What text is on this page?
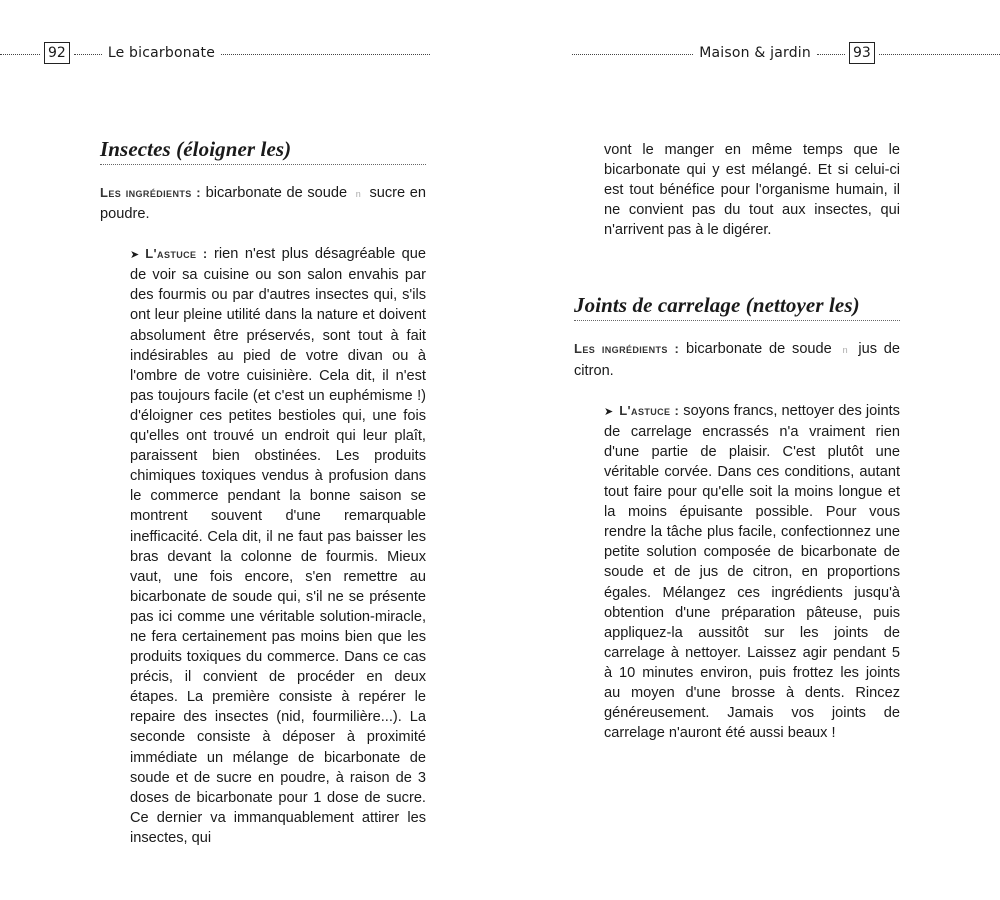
92	Le bicarbonate	Maison & jardin	93
Insectes (éloigner les)

Les ingrédients : bicarbonate de soude n sucre en poudre.

➤ L'astuce : rien n'est plus désagréable que de voir sa cuisine ou son salon envahis par des fourmis ou par d'autres insectes qui, s'ils ont leur pleine utilité dans la nature et doivent absolument être préservés, sont tout à fait indésirables au pied de votre divan ou à l'ombre de votre cuisinière. Cela dit, il n'est pas toujours facile (et c'est un euphémisme !) d'éloigner ces petites bestioles qui, une fois qu'elles ont trouvé un endroit qui leur plaît, paraissent bien obstinées. Les produits chimiques toxiques vendus à profusion dans le commerce pendant la bonne saison se montrent souvent d'une remarquable inefficacité. Cela dit, il ne faut pas baisser les bras devant la colonne de fourmis. Mieux vaut, une fois encore, s'en remettre au bicarbonate de soude qui, s'il ne se présente pas ici comme une véritable solution-miracle, ne fera certainement pas moins bien que les produits toxiques du commerce. Dans ce cas précis, il convient de procéder en deux étapes. La première consiste à repérer le repaire des insectes (nid, fourmilière...). La seconde consiste à déposer à proximité immédiate un mélange de bicarbonate de soude et de sucre en poudre, à raison de 3 doses de bicarbonate pour 1 dose de sucre. Ce dernier va immanquablement attirer les insectes, qui

vont le manger en même temps que le bicarbonate qui y est mélangé. Et si celui-ci est tout bénéfice pour l'organisme humain, il ne convient pas du tout aux insectes, qui n'arrivent pas à le digérer.

Joints de carrelage (nettoyer les)

Les ingrédients : bicarbonate de soude n jus de citron.

➤ L'astuce : soyons francs, nettoyer des joints de carrelage encrassés n'a vraiment rien d'une partie de plaisir. C'est plutôt une véritable corvée. Dans ces conditions, autant tout faire pour qu'elle soit la moins longue et la moins épuisante possible. Pour vous rendre la tâche plus facile, confectionnez une petite solution composée de bicarbonate de soude et de jus de citron, en proportions égales. Mélangez ces ingrédients jusqu'à obtention d'une préparation pâteuse, puis appliquez-la aussitôt sur les joints de carrelage à nettoyer. Laissez agir pendant 5 à 10 minutes environ, puis frottez les joints au moyen d'une brosse à dents. Rincez généreusement. Jamais vos joints de carrelage n'auront été aussi beaux !
